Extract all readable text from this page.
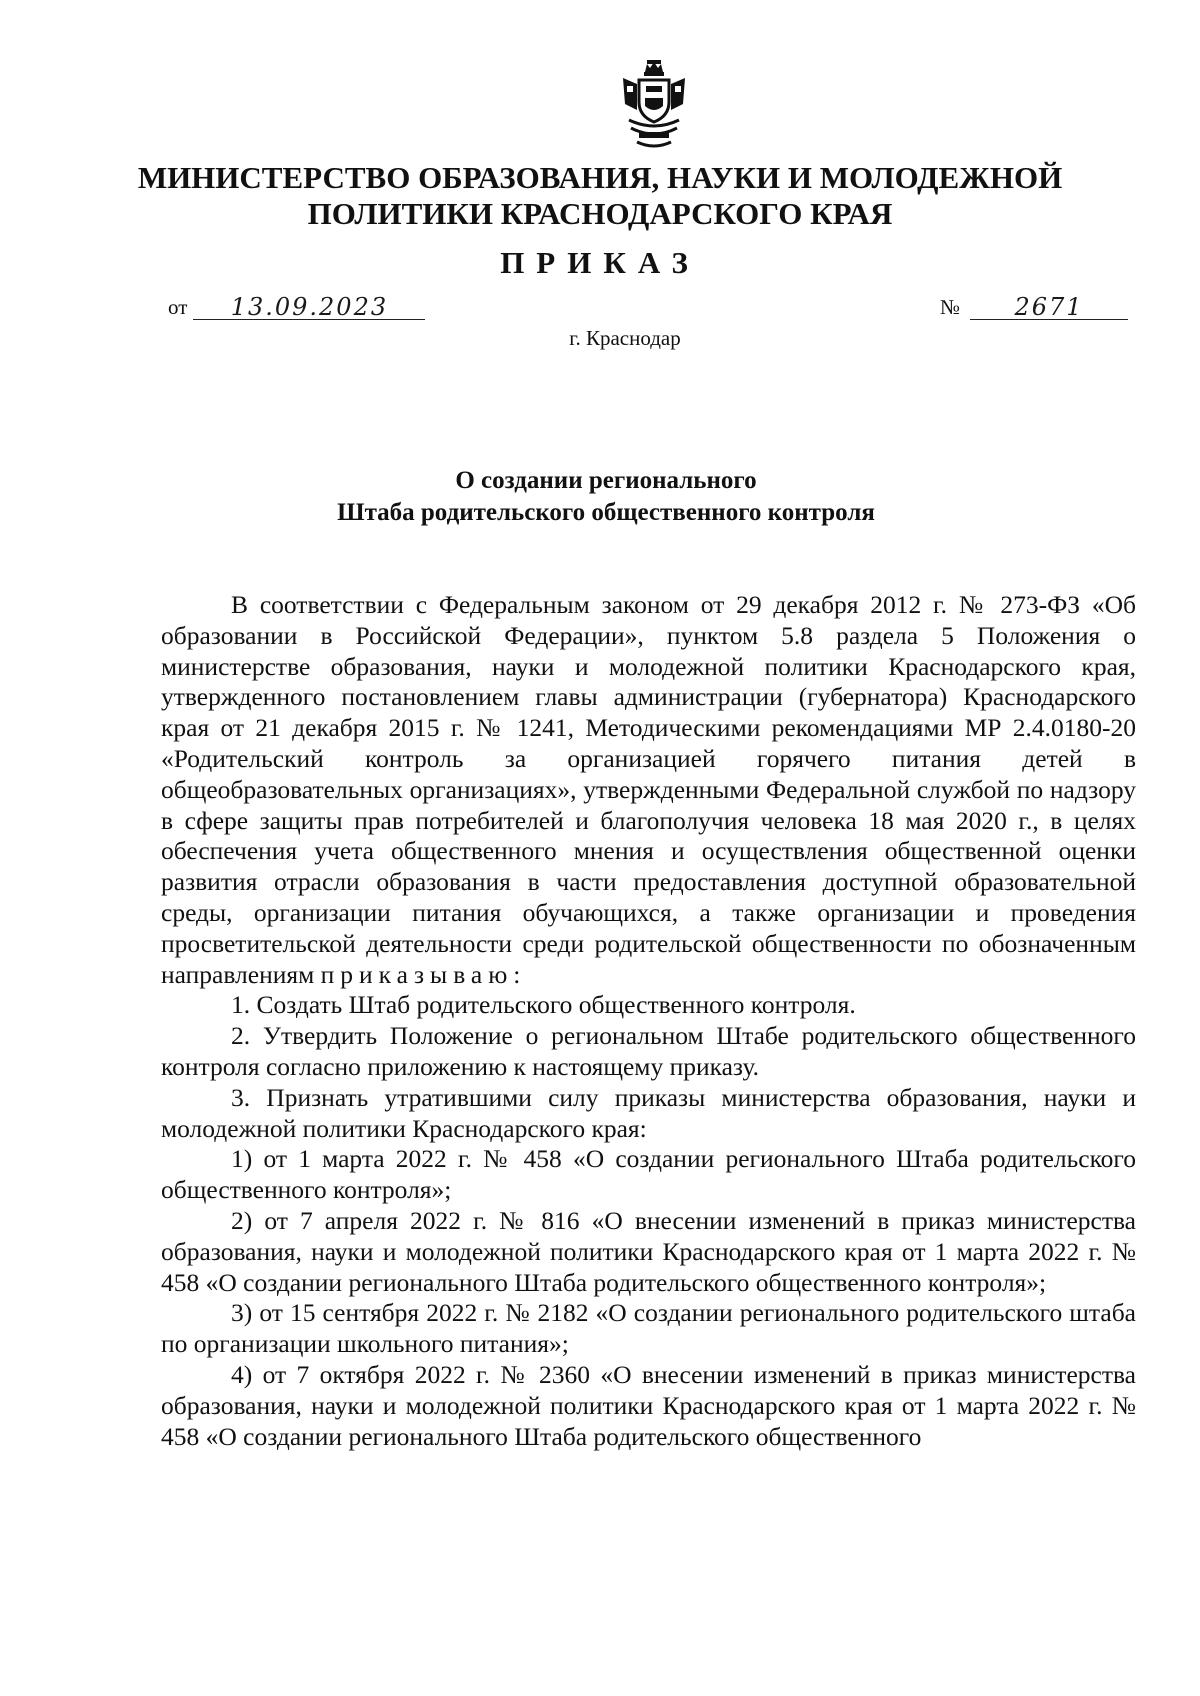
МИНИСТЕРСТВО ОБРАЗОВАНИЯ, НАУКИ И МОЛОДЕЖНОЙ
ПОЛИТИКИ КРАСНОДАРСКОГО КРАЯ
ПРИКАЗ
от	13.09.2023	№	2671
г. Краснодар
О создании регионального
Штаба родительского общественного контроля

В соответствии с Федеральным законом от 29 декабря 2012 г. № 273-ФЗ «Об образовании в Российской Федерации», пунктом 5.8 раздела 5 Положения о министерстве образования, науки и молодежной политики Краснодарского края, утвержденного постановлением главы администрации (губернатора) Краснодарского края от 21 декабря 2015 г. № 1241, Методическими рекомендациями МР 2.4.0180-20 «Родительский контроль за организацией горячего питания детей в общеобразовательных организациях», утвержденными Федеральной службой по надзору в сфере защиты прав потребителей и благополучия человека 18 мая 2020 г., в целях обеспечения учета общественного мнения и осуществления общественной оценки развития отрасли образования в части предоставления доступной образовательной среды, организации питания обучающихся, а также организации и проведения просветительской деятельности среди родительской общественности по обозначенным направлениям приказываю:

1. Создать Штаб родительского общественного контроля.

2. Утвердить Положение о региональном Штабе родительского общественного контроля согласно приложению к настоящему приказу.

3. Признать утратившими силу приказы министерства образования, науки и молодежной политики Краснодарского края:

1) от 1 марта 2022 г. № 458 «О создании регионального Штаба родительского общественного контроля»;

2) от 7 апреля 2022 г. № 816 «О внесении изменений в приказ министерства образования, науки и молодежной политики Краснодарского края от 1 марта 2022 г. № 458 «О создании регионального Штаба родительского общественного контроля»;

3) от 15 сентября 2022 г. № 2182 «О создании регионального родительского штаба по организации школьного питания»;

4) от 7 октября 2022 г. № 2360 «О внесении изменений в приказ министерства образования, науки и молодежной политики Краснодарского края от 1 марта 2022 г. № 458 «О создании регионального Штаба родительского общественного
